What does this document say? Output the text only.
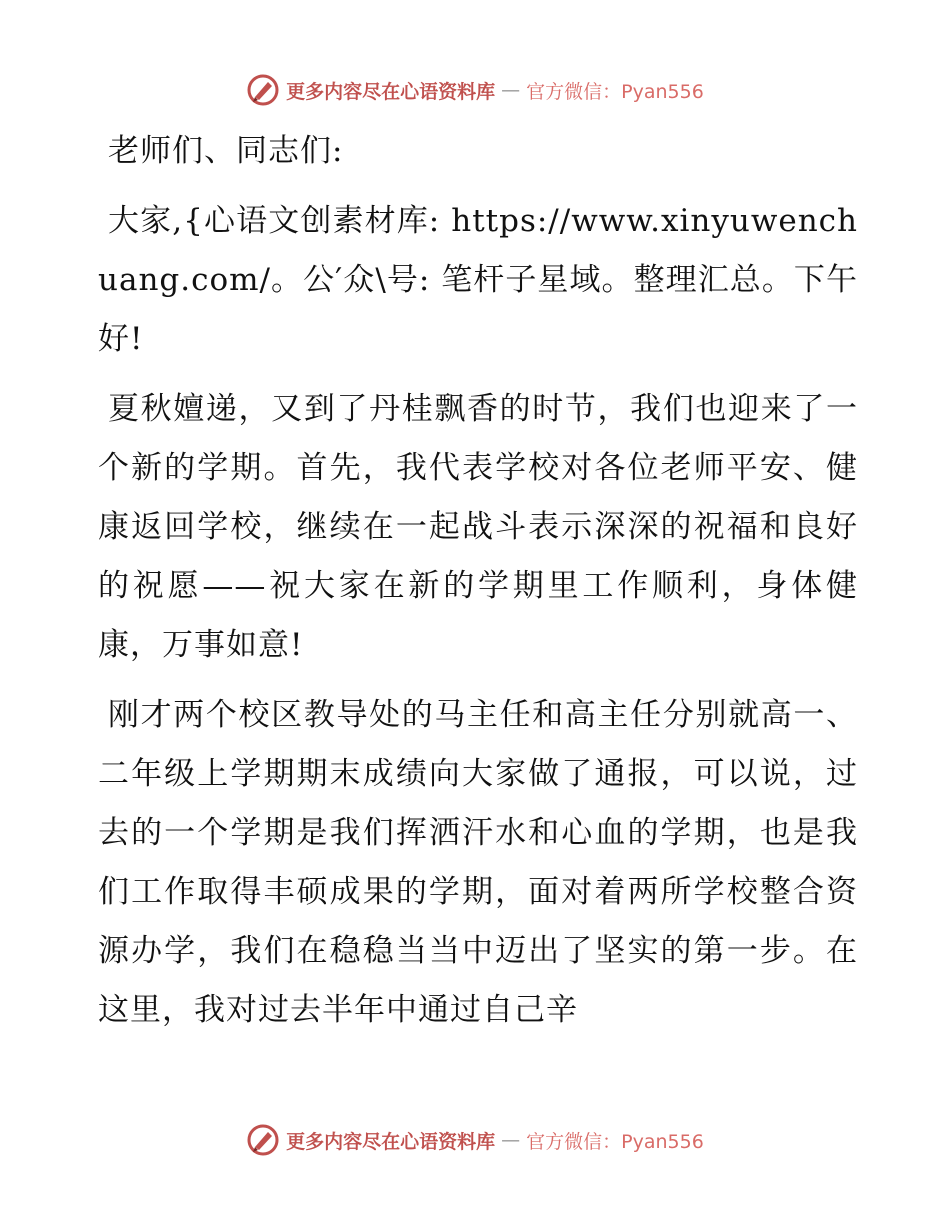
更多内容尽在心语资料库 — 官方微信：Pyan556

老师们、同志们:

大家,{心语文创素材库: https://www.xinyuwenchuang.com/。公′众\号: 笔杆子星域。整理汇总。下午好!

夏秋嬗递，又到了丹桂飘香的时节，我们也迎来了一个新的学期。首先，我代表学校对各位老师平安、健康返回学校，继续在一起战斗表示深深的祝福和良好的祝愿——祝大家在新的学期里工作顺利，身体健康，万事如意!

刚才两个校区教导处的马主任和高主任分别就高一、二年级上学期期末成绩向大家做了通报，可以说，过去的一个学期是我们挥洒汗水和心血的学期，也是我们工作取得丰硕成果的学期，面对着两所学校整合资源办学，我们在稳稳当当中迈出了坚实的第一步。在这里，我对过去半年中通过自己辛

更多内容尽在心语资料库 — 官方微信：Pyan556
